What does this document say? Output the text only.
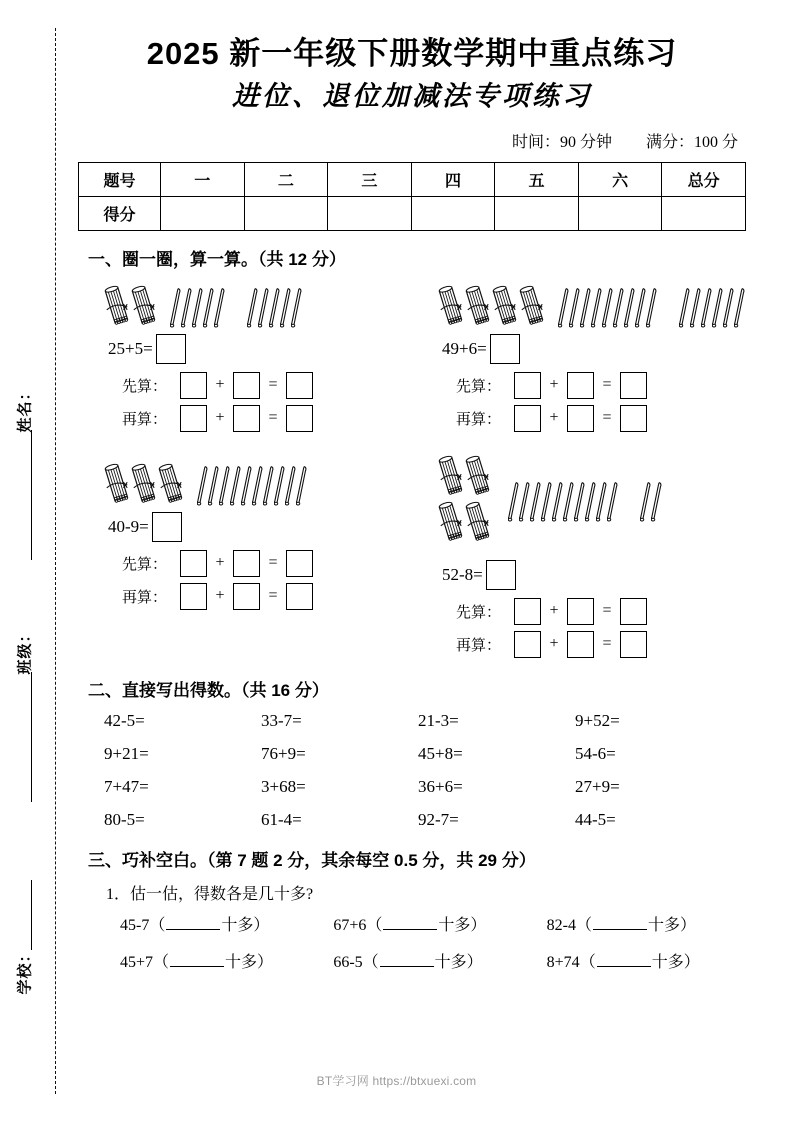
姓名：
班级：
学校：
2025 新一年级下册数学期中重点练习
进位、退位加减法专项练习
时间：90 分钟 满分：100 分
题号	一	二	三	四	五	六	总分
得分							
一、圈一圈，算一算。（共 12 分）
25+5=
先算：	+	=
再算：	+	=
49+6=
先算：	+	=
再算：	+	=
40-9=
先算：	+	=
再算：	+	=
52-8=
先算：	+	=
再算：	+	=
二、直接写出得数。（共 16 分）
42-5=	33-7=	21-3=	9+52=
9+21=	76+9=	45+8=	54-6=
7+47=	3+68=	36+6=	27+9=
80-5=	61-4=	92-7=	44-5=
三、巧补空白。（第 7 题 2 分，其余每空 0.5 分，共 29 分）
1．估一估，得数各是几十多?
45-7（	十多）	67+6（	十多）	82-4（	十多）
45+7（	十多）	66-5（	十多）	8+74（	十多）
BT学习网 https://btxuexi.com
